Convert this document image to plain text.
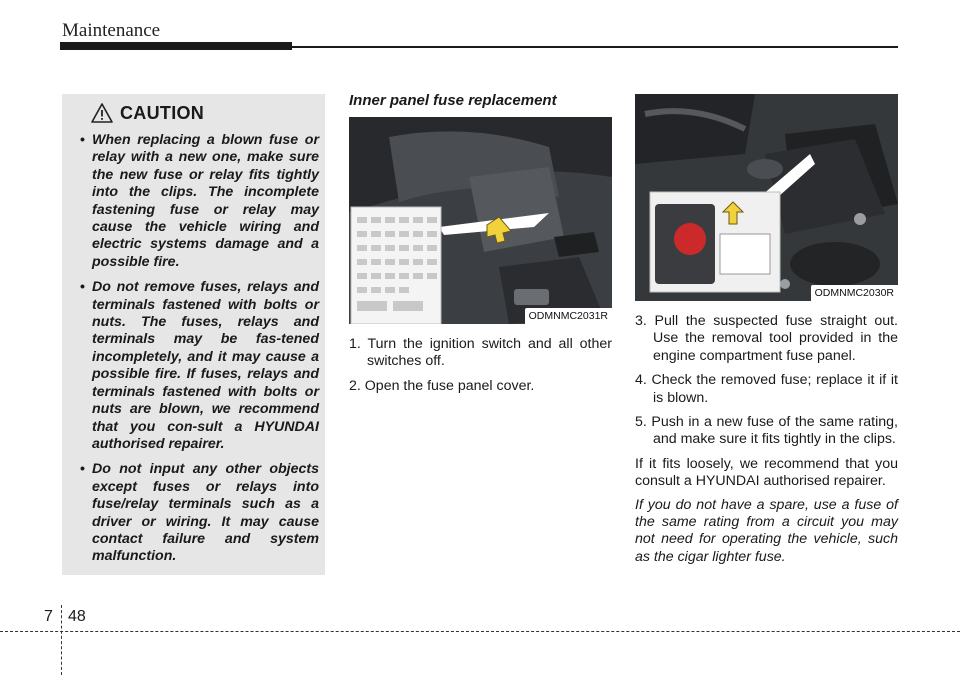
Maintenance
CAUTION
• When replacing a blown fuse or relay with a new one, make sure the new fuse or relay fits tightly into the clips. The incomplete fastening fuse or relay may cause the vehicle wiring and electric systems damage and a possible fire.
• Do not remove fuses, relays and terminals fastened with bolts or nuts. The fuses, relays and terminals may be fas-tened incompletely, and it may cause a possible fire. If fuses, relays and terminals fastened with bolts or nuts are blown, we recommend that you con-sult a HYUNDAI authorised repairer.
• Do not input any other objects except fuses or relays into fuse/relay terminals such as a driver or wiring. It may cause contact failure and system malfunction.
Inner panel fuse replacement
ODMNMC2031R
1. Turn the ignition switch and all other switches off.
2. Open the fuse panel cover.
ODMNMC2030R
3. Pull the suspected fuse straight out. Use the removal tool provided in the engine compartment fuse panel.
4. Check the removed fuse; replace it if it is blown.
5. Push in a new fuse of the same rating, and make sure it fits tightly in the clips.

If it fits loosely, we recommend that you consult a HYUNDAI authorised repairer.

If you do not have a spare, use a fuse of the same rating from a circuit you may not need for operating the vehicle, such as the cigar lighter fuse.

7 48
